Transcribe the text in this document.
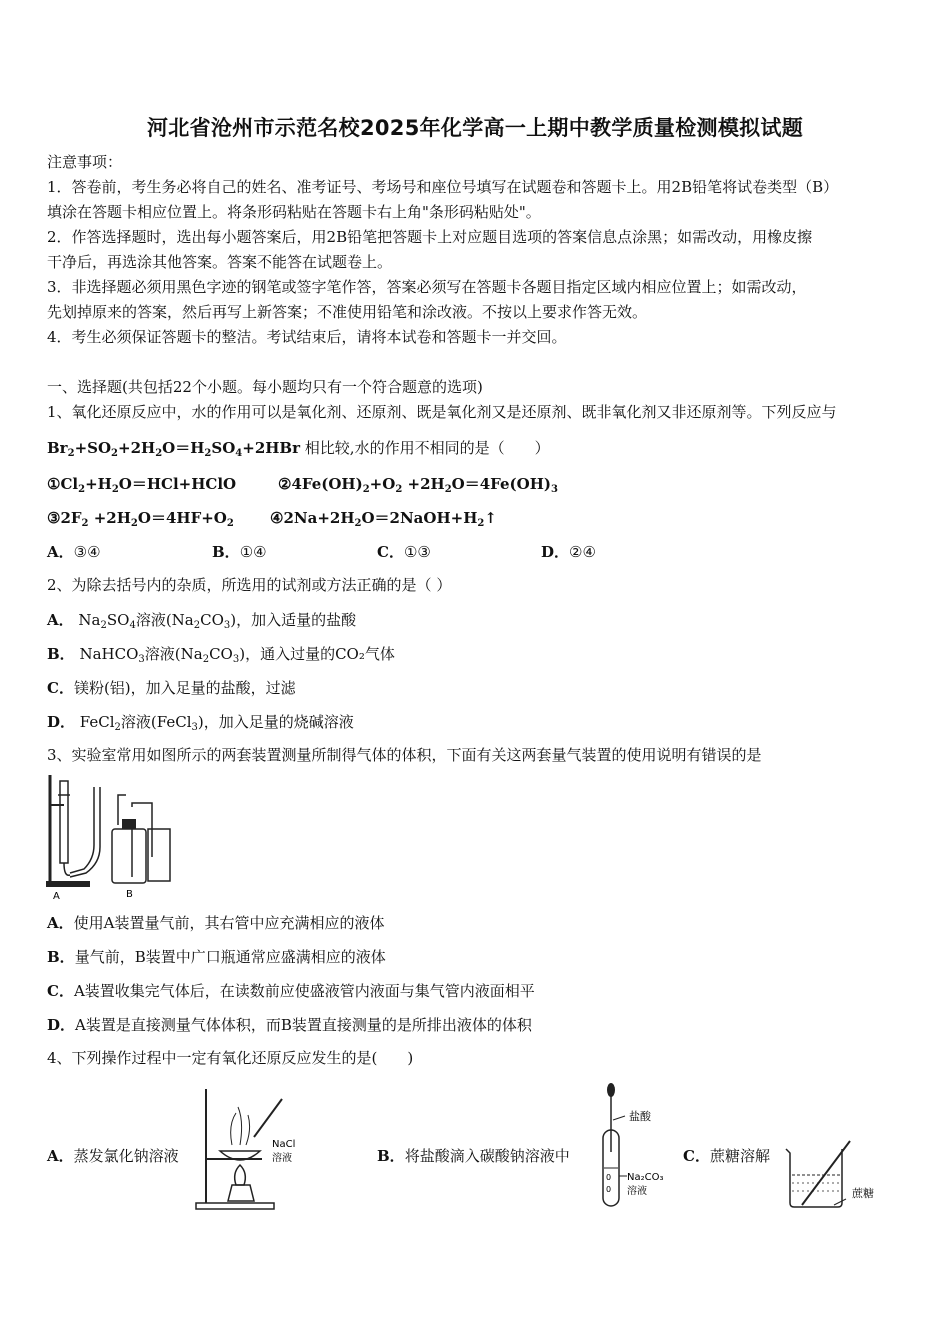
河北省沧州市示范名校2025年化学高一上期中教学质量检测模拟试题
注意事项：
1．答卷前，考生务必将自己的姓名、准考证号、考场号和座位号填写在试题卷和答题卡上。用2B铅笔将试卷类型（B）
填涂在答题卡相应位置上。将条形码粘贴在答题卡右上角"条形码粘贴处"。
2．作答选择题时，选出每小题答案后，用2B铅笔把答题卡上对应题目选项的答案信息点涂黑；如需改动，用橡皮擦
干净后，再选涂其他答案。答案不能答在试题卷上。
3．非选择题必须用黑色字迹的钢笔或签字笔作答，答案必须写在答题卡各题目指定区域内相应位置上；如需改动，
先划掉原来的答案，然后再写上新答案；不准使用铅笔和涂改液。不按以上要求作答无效。
4．考生必须保证答题卡的整洁。考试结束后，请将本试卷和答题卡一并交回。
一、选择题(共包括22个小题。每小题均只有一个符合题意的选项)
1、氧化还原反应中，水的作用可以是氧化剂、还原剂、既是氧化剂又是还原剂、既非氧化剂又非还原剂等。下列反应与
$Br_2+SO_2+2H_2O=H_2SO_4+2HBr$ 相比较,水的作用不相同的是（　　）
$①Cl_2+H_2O=HCl+HClO$	$②4Fe(OH)_2+O_2 +2H_2O=4Fe(OH)_3$
$③2F_2 +2H_2O=4HF+O_2$ $④2Na+2H_2O=2NaOH+H_2↑$
A．③④	B．①④	C．①③	D．②④
2、为除去括号内的杂质，所选用的试剂或方法正确的是（ ）
A． $Na_2SO_4$溶液$(Na_2CO_3)$，加入适量的盐酸
B． NaHCO$_3$溶液$(Na_2CO_3)$，通入过量的CO₂气体
C．镁粉(铝)，加入足量的盐酸，过滤
D． FeCl$_2$溶液(FeCl$_3$)，加入足量的烧碱溶液
3、实验室常用如图所示的两套装置测量所制得气体的体积，下面有关这两套量气装置的使用说明有错误的是
A	B
A．使用A装置量气前，其右管中应充满相应的液体
B．量气前，B装置中广口瓶通常应盛满相应的液体
C．A装置收集完气体后，在读数前应使盛液管内液面与集气管内液面相平
D．A装置是直接测量气体体积，而B装置直接测量的是所排出液体的体积
4、下列操作过程中一定有氧化还原反应发生的是(　　)
A．蒸发氯化钠溶液
NaCl
溶液	B．将盐酸滴入碳酸钠溶液中
0
0
盐酸
Na₂CO₃
溶液
C．蔗糖溶解
蔗糖
